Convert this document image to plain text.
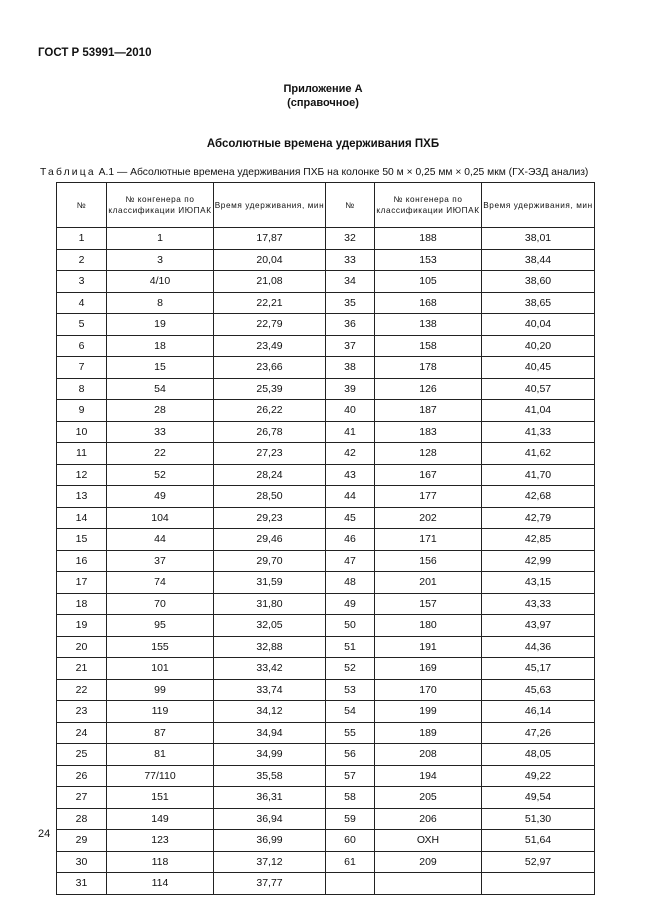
ГОСТ Р 53991—2010
Приложение А
(справочное)
Абсолютные времена удерживания ПХБ
Таблица А.1 — Абсолютные времена удерживания ПХБ на колонке 50 м × 0,25 мм × 0,25 мкм (ГХ-ЭЗД анализ)
№	№ конгенера по классификации ИЮПАК	Время удерживания, мин	№	№ конгенера по классификации ИЮПАК	Время удерживания, мин
1	1	17,87	32	188	38,01
2	3	20,04	33	153	38,44
3	4/10	21,08	34	105	38,60
4	8	22,21	35	168	38,65
5	19	22,79	36	138	40,04
6	18	23,49	37	158	40,20
7	15	23,66	38	178	40,45
8	54	25,39	39	126	40,57
9	28	26,22	40	187	41,04
10	33	26,78	41	183	41,33
11	22	27,23	42	128	41,62
12	52	28,24	43	167	41,70
13	49	28,50	44	177	42,68
14	104	29,23	45	202	42,79
15	44	29,46	46	171	42,85
16	37	29,70	47	156	42,99
17	74	31,59	48	201	43,15
18	70	31,80	49	157	43,33
19	95	32,05	50	180	43,97
20	155	32,88	51	191	44,36
21	101	33,42	52	169	45,17
22	99	33,74	53	170	45,63
23	119	34,12	54	199	46,14
24	87	34,94	55	189	47,26
25	81	34,99	56	208	48,05
26	77/110	35,58	57	194	49,22
27	151	36,31	58	205	49,54
28	149	36,94	59	206	51,30
29	123	36,99	60	ОХН	51,64
30	118	37,12	61	209	52,97
31	114	37,77			
24
